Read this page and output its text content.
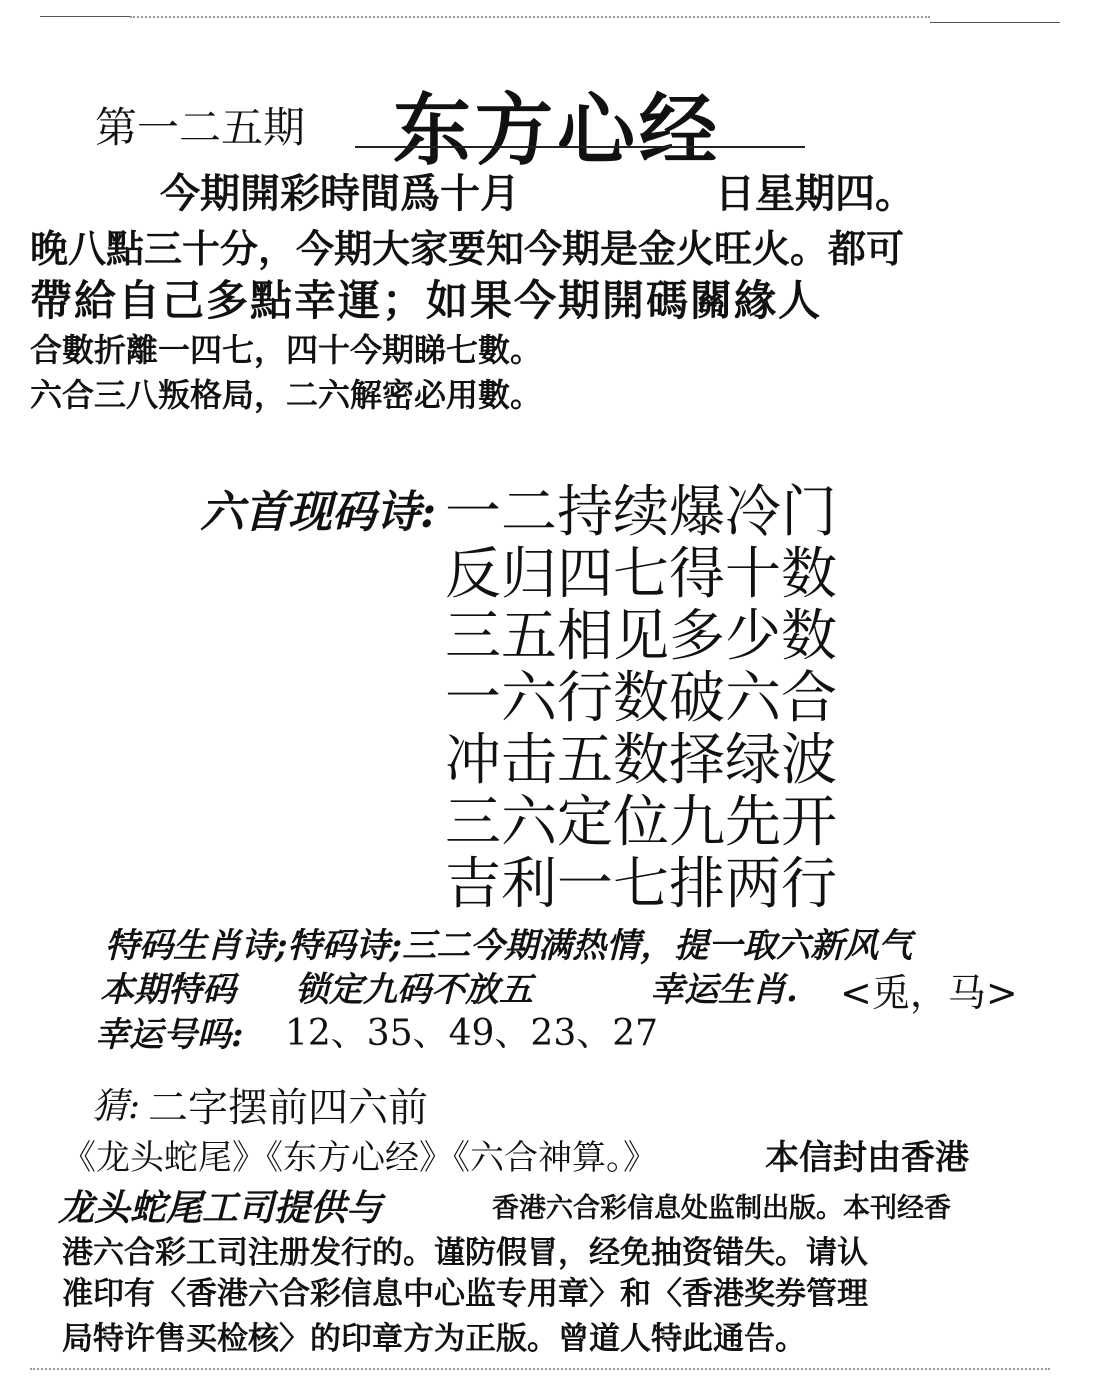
第一二五期 东方心经
今期開彩時間爲十月	日星期四。
晚八點三十分，今期大家要知今期是金火旺火。都可
帶給自己多點幸運；如果今期開碼關緣人
合數折離一四七，四十今期睇七數。
六合三八叛格局，二六解密必用數。
六首现码诗: 一二持续爆冷门
反归四七得十数
三五相见多少数
一六行数破六合
冲击五数择绿波
三六定位九先开
吉利一七排两行
特码生肖诗;特码诗;三二今期满热情，提一取六新风气
本期特码 锁定九码不放五	幸运生肖. <兎，马>
幸运号吗: 12、35、49、23、27
猜: 二字摆前四六前
《龙头蛇尾》《东方心经》《六合神算。》	本信封由香港
龙头蛇尾工司提供与	香港六合彩信息处监制出版。本刊经香
港六合彩工司注册发行的。谨防假冒，经免抽资错失。请认
准印有〈香港六合彩信息中心监专用章〉和〈香港奖券管理
局特许售买检核〉的印章方为正版。曾道人特此通告。
